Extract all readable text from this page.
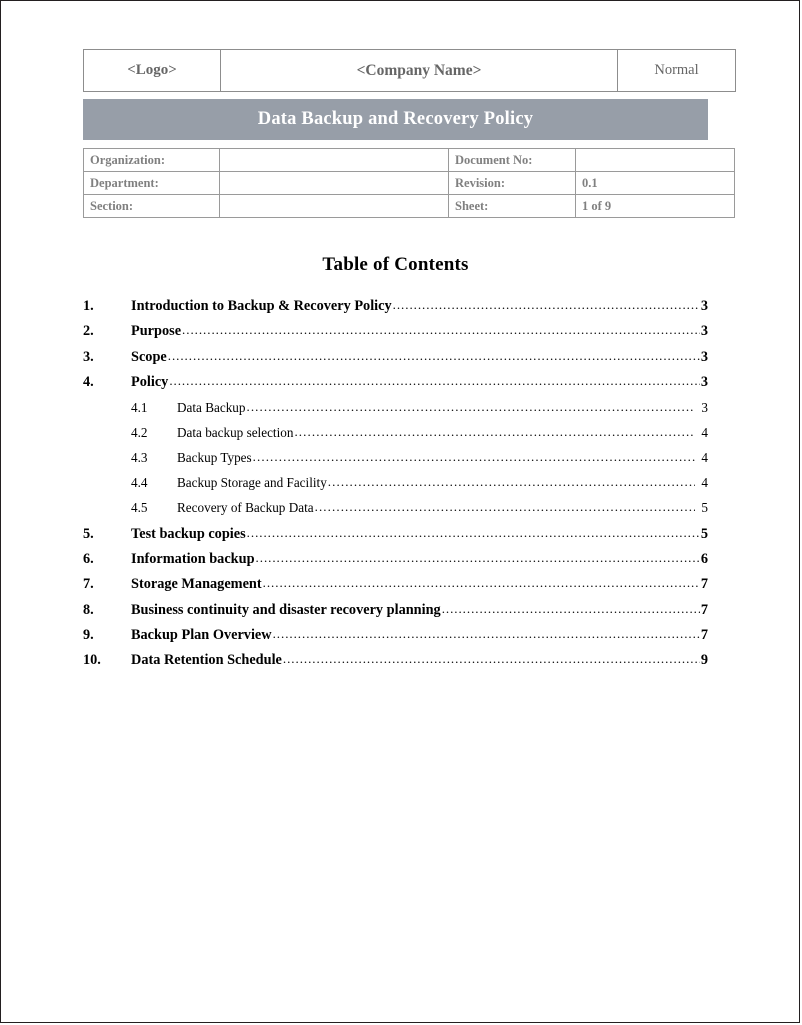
<Logo>	<Company Name>	Normal
Data Backup and Recovery Policy
Organization:		Document No:	
Department:		Revision:	0.1
Section:		Sheet:	1 of 9
Table of Contents
1.	Introduction to Backup & Recovery Policy .....	3
2.	Purpose .....	3
3.	Scope .....	3
4.	Policy .....	3
4.1	Data Backup .....	3
4.2	Data backup selection .....	4
4.3	Backup Types .....	4
4.4	Backup Storage and Facility .....	4
4.5	Recovery of Backup Data .....	5
5.	Test backup copies .....	5
6.	Information backup .....	6
7.	Storage Management .....	7
8.	Business continuity and disaster recovery planning .....	7
9.	Backup Plan Overview .....	7
10.	Data Retention Schedule .....	9
